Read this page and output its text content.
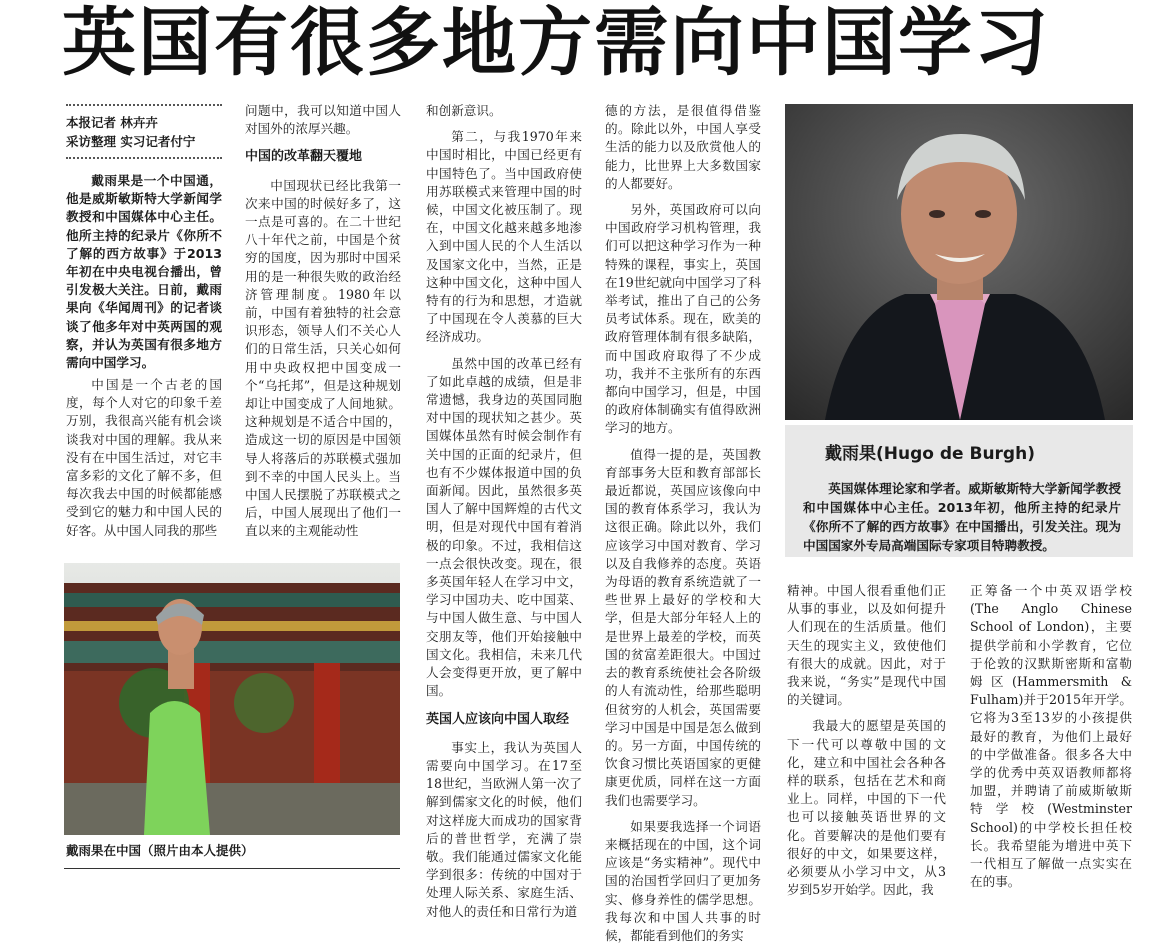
英国有很多地方需向中国学习
本报记者 林卉卉
采访整理 实习记者付宁

戴雨果是一个中国通，他是威斯敏斯特大学新闻学教授和中国媒体中心主任。他所主持的纪录片《你所不了解的西方故事》于2013年初在中央电视台播出，曾引发极大关注。日前，戴雨果向《华闻周刊》的记者谈谈了他多年对中英两国的观察，并认为英国有很多地方需向中国学习。

中国是一个古老的国度，每个人对它的印象千差万别，我很高兴能有机会谈谈我对中国的理解。我从来没有在中国生活过，对它丰富多彩的文化了解不多，但每次我去中国的时候都能感受到它的魅力和中国人民的好客。从中国人同我的那些

戴雨果在中国（照片由本人提供）

问题中，我可以知道中国人对国外的浓厚兴趣。

中国的改革翻天覆地

中国现状已经比我第一次来中国的时候好多了，这一点是可喜的。在二十世纪八十年代之前，中国是个贫穷的国度，因为那时中国采用的是一种很失败的政治经济管理制度。1980年以前，中国有着独特的社会意识形态，领导人们不关心人们的日常生活，只关心如何用中央政权把中国变成一个“乌托邦”，但是这种规划却让中国变成了人间地狱。这种规划是不适合中国的，造成这一切的原因是中国领导人将落后的苏联模式强加到不幸的中国人民头上。当中国人民摆脱了苏联模式之后，中国人展现出了他们一直以来的主观能动性

和创新意识。

第二，与我1970年来中国时相比，中国已经更有中国特色了。当中国政府使用苏联模式来管理中国的时候，中国文化被压制了。现在，中国文化越来越多地渗入到中国人民的个人生活以及国家文化中，当然，正是这种中国文化，这种中国人特有的行为和思想，才造就了中国现在令人羡慕的巨大经济成功。

虽然中国的改革已经有了如此卓越的成绩，但是非常遗憾，我身边的英国同胞对中国的现状知之甚少。英国媒体虽然有时候会制作有关中国的正面的纪录片，但也有不少媒体报道中国的负面新闻。因此，虽然很多英国人了解中国辉煌的古代文明，但是对现代中国有着消极的印象。不过，我相信这一点会很快改变。现在，很多英国年轻人在学习中文，学习中国功夫、吃中国菜、与中国人做生意、与中国人交朋友等，他们开始接触中国文化。我相信，未来几代人会变得更开放，更了解中国。

英国人应该向中国人取经

事实上，我认为英国人需要向中国学习。在17至18世纪，当欧洲人第一次了解到儒家文化的时候，他们对这样庞大而成功的国家背后的普世哲学，充满了崇敬。我们能通过儒家文化能学到很多：传统的中国对于处理人际关系、家庭生活、对他人的责任和日常行为道

德的方法，是很值得借鉴的。除此以外，中国人享受生活的能力以及欣赏他人的能力，比世界上大多数国家的人都要好。

另外，英国政府可以向中国政府学习机构管理，我们可以把这种学习作为一种特殊的课程，事实上，英国在19世纪就向中国学习了科举考试，推出了自己的公务员考试体系。现在，欧美的政府管理体制有很多缺陷，而中国政府取得了不少成功，我并不主张所有的东西都向中国学习，但是，中国的政府体制确实有值得欧洲学习的地方。

值得一提的是，英国教育部事务大臣和教育部部长最近都说，英国应该像向中国的教育体系学习，我认为这很正确。除此以外，我们应该学习中国对教育、学习以及自我修养的态度。英语为母语的教育系统造就了一些世界上最好的学校和大学，但是大部分年轻人上的是世界上最差的学校，而英国的贫富差距很大。中国过去的教育系统使社会各阶级的人有流动性，给那些聪明但贫穷的人机会，英国需要学习中国是中国是怎么做到的。另一方面，中国传统的饮食习惯比英语国家的更健康更优质，同样在这一方面我们也需要学习。

如果要我选择一个词语来概括现在的中国，这个词应该是“务实精神”。现代中国的治国哲学回归了更加务实、修身养性的儒学思想。我每次和中国人共事的时候，都能看到他们的务实

戴雨果(Hugo de Burgh)
英国媒体理论家和学者。威斯敏斯特大学新闻学教授和中国媒体中心主任。2013年初，他所主持的纪录片《你所不了解的西方故事》在中国播出，引发关注。现为中国国家外专局高端国际专家项目特聘教授。

精神。中国人很看重他们正从事的事业，以及如何提升人们现在的生活质量。他们天生的现实主义，致使他们有很大的成就。因此，对于我来说，“务实”是现代中国的关键词。

我最大的愿望是英国的下一代可以尊敬中国的文化，建立和中国社会各种各样的联系，包括在艺术和商业上。同样，中国的下一代也可以接触英语世界的文化。首要解决的是他们要有很好的中文，如果要这样，必须要从小学习中文，从3岁到5岁开始学。因此，我

正筹备一个中英双语学校(The Anglo Chinese School of London)，主要提供学前和小学教育，它位于伦敦的汉默斯密斯和富勒姆区(Hammersmith & Fulham)并于2015年开学。它将为3至13岁的小孩提供最好的教育，为他们上最好的中学做准备。很多各大中学的优秀中英双语教师都将加盟，并聘请了前威斯敏斯特学校(Westminster School)的中学校长担任校长。我希望能为增进中英下一代相互了解做一点实实在在的事。
